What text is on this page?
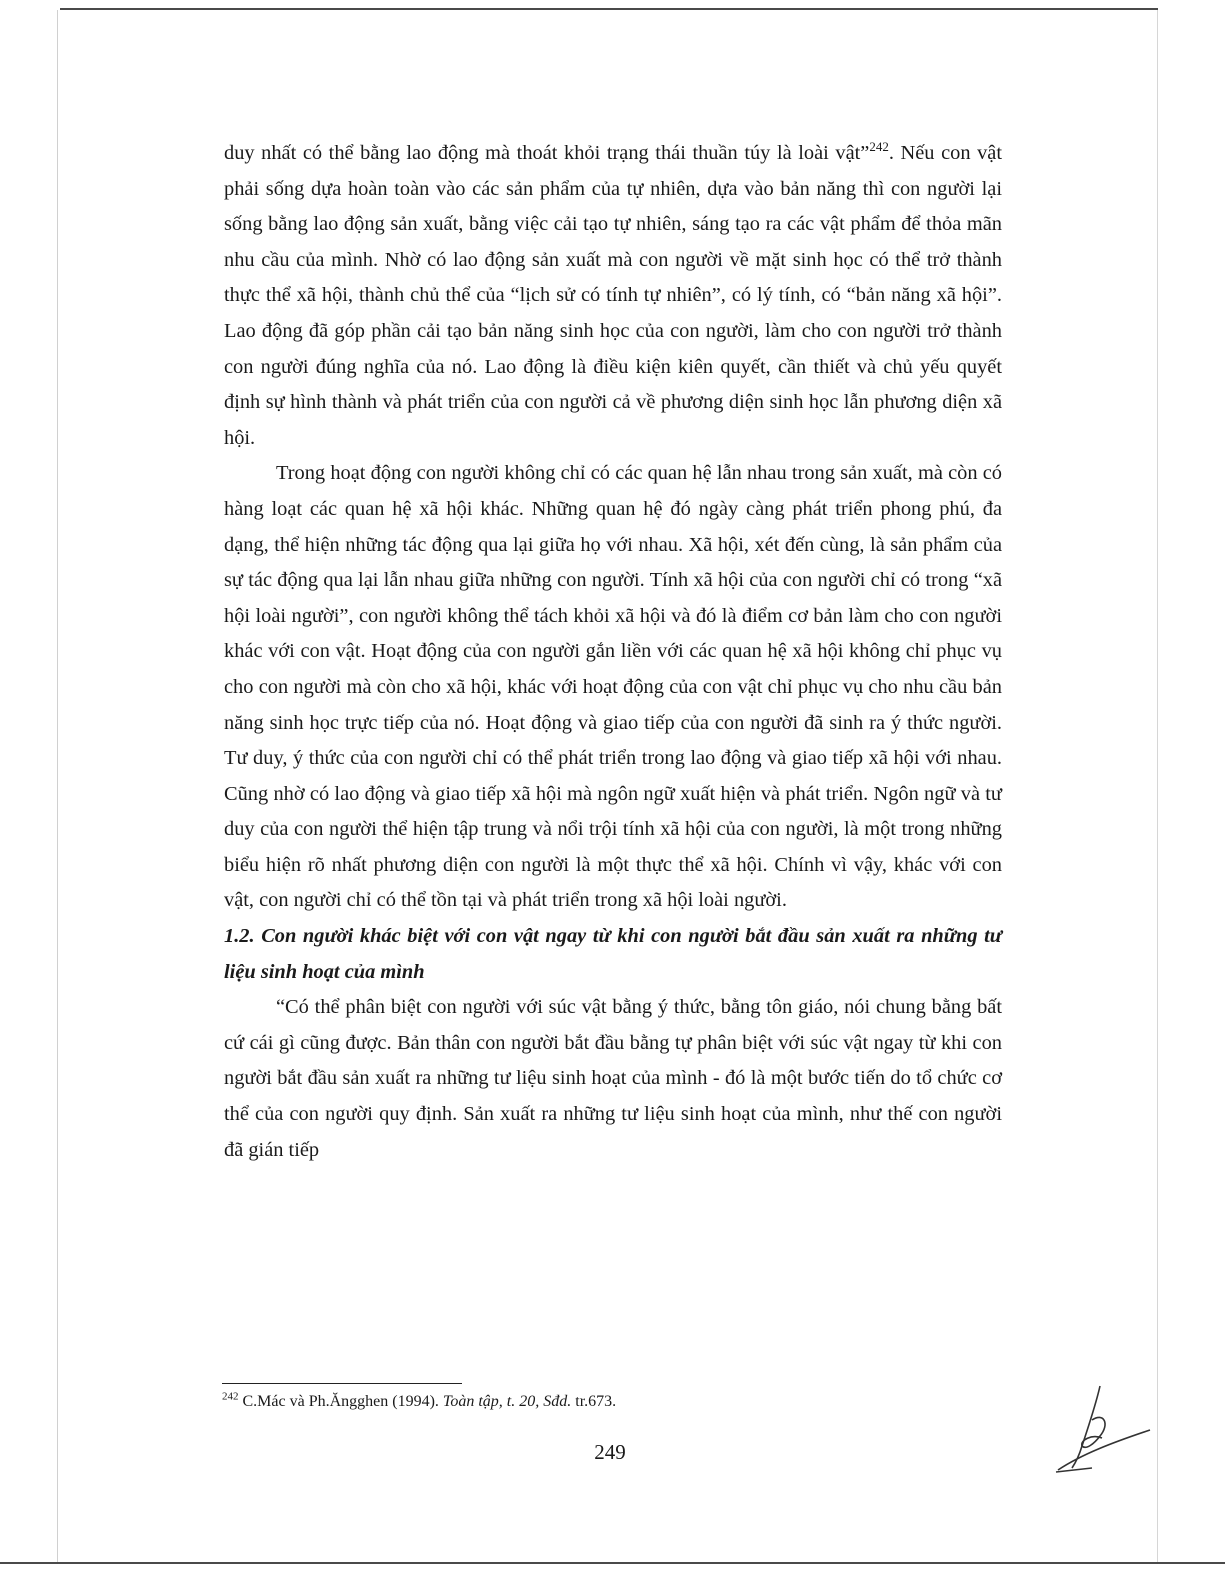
duy nhất có thể bằng lao động mà thoát khỏi trạng thái thuần túy là loài vật”$^{242}$. Nếu con vật phải sống dựa hoàn toàn vào các sản phẩm của tự nhiên, dựa vào bản năng thì con người lại sống bằng lao động sản xuất, bằng việc cải tạo tự nhiên, sáng tạo ra các vật phẩm để thỏa mãn nhu cầu của mình. Nhờ có lao động sản xuất mà con người về mặt sinh học có thể trở thành thực thể xã hội, thành chủ thể của “lịch sử có tính tự nhiên”, có lý tính, có “bản năng xã hội”. Lao động đã góp phần cải tạo bản năng sinh học của con người, làm cho con người trở thành con người đúng nghĩa của nó. Lao động là điều kiện kiên quyết, cần thiết và chủ yếu quyết định sự hình thành và phát triển của con người cả về phương diện sinh học lẫn phương diện xã hội.

Trong hoạt động con người không chỉ có các quan hệ lẫn nhau trong sản xuất, mà còn có hàng loạt các quan hệ xã hội khác. Những quan hệ đó ngày càng phát triển phong phú, đa dạng, thể hiện những tác động qua lại giữa họ với nhau. Xã hội, xét đến cùng, là sản phẩm của sự tác động qua lại lẫn nhau giữa những con người. Tính xã hội của con người chỉ có trong “xã hội loài người”, con người không thể tách khỏi xã hội và đó là điểm cơ bản làm cho con người khác với con vật. Hoạt động của con người gắn liền với các quan hệ xã hội không chỉ phục vụ cho con người mà còn cho xã hội, khác với hoạt động của con vật chỉ phục vụ cho nhu cầu bản năng sinh học trực tiếp của nó. Hoạt động và giao tiếp của con người đã sinh ra ý thức người. Tư duy, ý thức của con người chỉ có thể phát triển trong lao động và giao tiếp xã hội với nhau. Cũng nhờ có lao động và giao tiếp xã hội mà ngôn ngữ xuất hiện và phát triển. Ngôn ngữ và tư duy của con người thể hiện tập trung và nổi trội tính xã hội của con người, là một trong những biểu hiện rõ nhất phương diện con người là một thực thể xã hội. Chính vì vậy, khác với con vật, con người chỉ có thể tồn tại và phát triển trong xã hội loài người.

1.2. Con người khác biệt với con vật ngay từ khi con người bắt đầu sản xuất ra những tư liệu sinh hoạt của mình

“Có thể phân biệt con người với súc vật bằng ý thức, bằng tôn giáo, nói chung bằng bất cứ cái gì cũng được. Bản thân con người bắt đầu bằng tự phân biệt với súc vật ngay từ khi con người bắt đầu sản xuất ra những tư liệu sinh hoạt của mình - đó là một bước tiến do tổ chức cơ thể của con người quy định. Sản xuất ra những tư liệu sinh hoạt của mình, như thế con người đã gián tiếp

$^{242}$ C.Mác và Ph.Ăngghen (1994). Toàn tập, t. 20, Sđd. tr.673.
249
